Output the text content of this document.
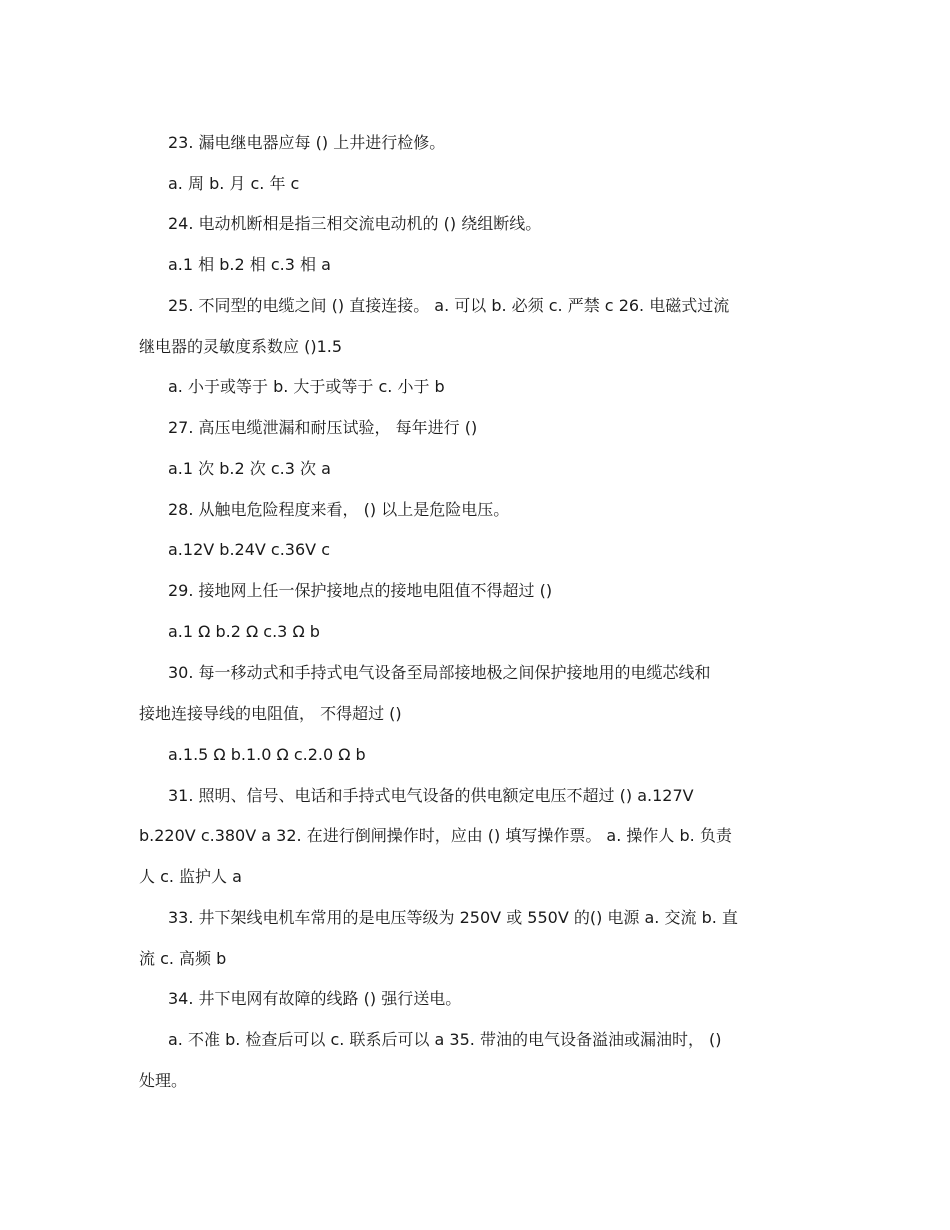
23. 漏电继电器应每 () 上井进行检修。
a. 周 b. 月 c. 年 c
24. 电动机断相是指三相交流电动机的 () 绕组断线。
a.1 相 b.2 相 c.3 相 a
25. 不同型的电缆之间 () 直接连接。 a. 可以 b. 必须 c. 严禁 c 26. 电磁式过流
继电器的灵敏度系数应 ()1.5
a. 小于或等于 b. 大于或等于 c. 小于 b
27. 高压电缆泄漏和耐压试验， 每年进行 ()
a.1 次 b.2 次 c.3 次 a
28. 从触电危险程度来看， () 以上是危险电压。
a.12V b.24V c.36V c
29. 接地网上任一保护接地点的接地电阻值不得超过 ()
a.1 Ω b.2 Ω c.3 Ω b
30. 每一移动式和手持式电气设备至局部接地极之间保护接地用的电缆芯线和
接地连接导线的电阻值， 不得超过 ()
a.1.5 Ω b.1.0 Ω c.2.0 Ω b
31. 照明、信号、电话和手持式电气设备的供电额定电压不超过 () a.127V
b.220V c.380V a 32. 在进行倒闸操作时，应由 () 填写操作票。 a. 操作人 b. 负责
人 c. 监护人 a
33. 井下架线电机车常用的是电压等级为 250V 或 550V 的() 电源 a. 交流 b. 直
流 c. 高频 b
34. 井下电网有故障的线路 () 强行送电。
a. 不准 b. 检查后可以 c. 联系后可以 a 35. 带油的电气设备溢油或漏油时， ()
处理。
